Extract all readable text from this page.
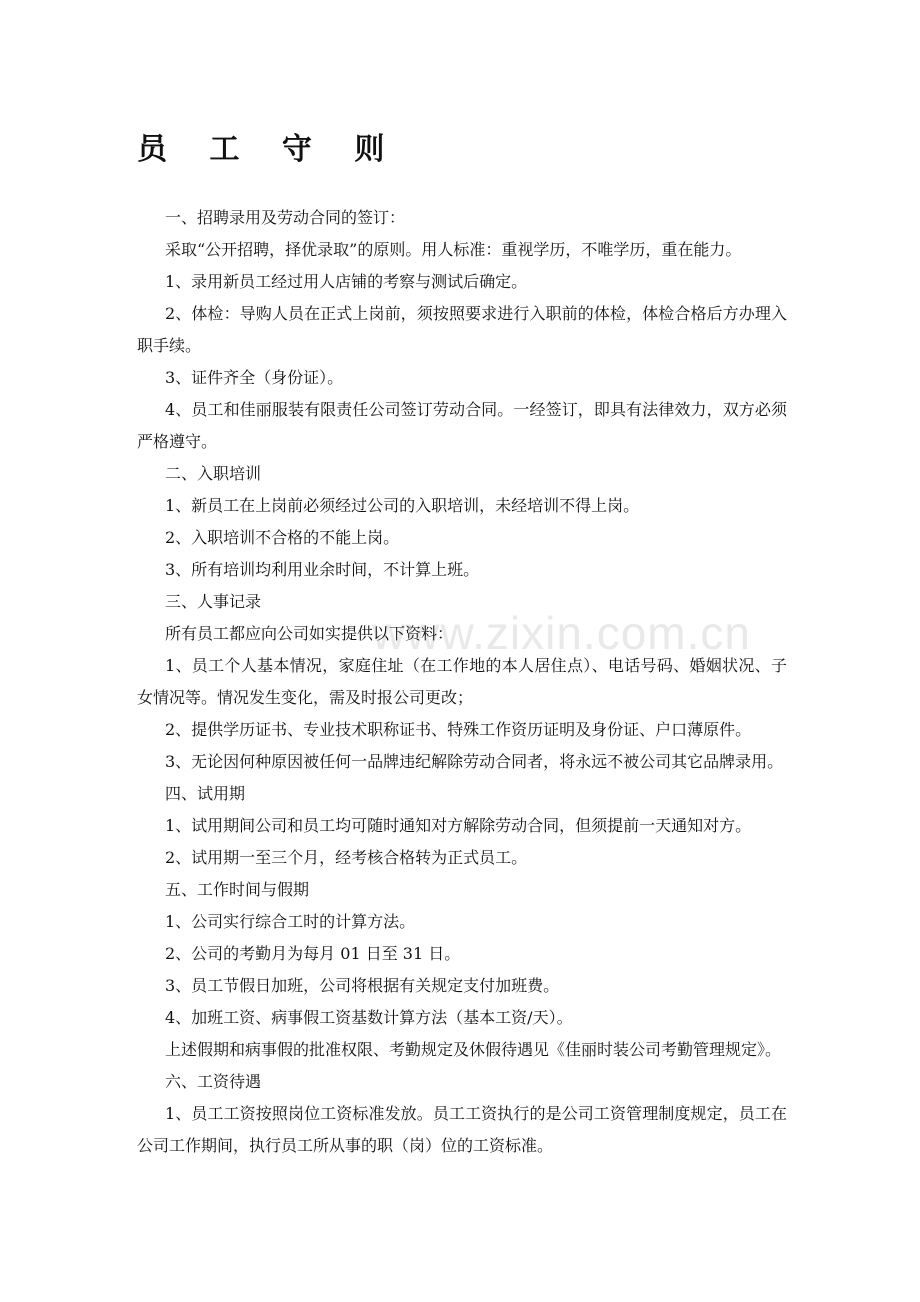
www.zixin.com.cn
员 工 守 则

一、招聘录用及劳动合同的签订：

采取“公开招聘，择优录取”的原则。用人标准：重视学历，不唯学历，重在能力。

1、录用新员工经过用人店铺的考察与测试后确定。

2、体检：导购人员在正式上岗前，须按照要求进行入职前的体检，体检合格后方办理入职手续。

3、证件齐全（身份证）。

4、员工和佳丽服装有限责任公司签订劳动合同。一经签订，即具有法律效力，双方必须严格遵守。

二、入职培训

1、新员工在上岗前必须经过公司的入职培训，未经培训不得上岗。

2、入职培训不合格的不能上岗。

3、所有培训均利用业余时间，不计算上班。

三、人事记录

所有员工都应向公司如实提供以下资料：

1、员工个人基本情况，家庭住址（在工作地的本人居住点）、电话号码、婚姻状况、子女情况等。情况发生变化，需及时报公司更改；

2、提供学历证书、专业技术职称证书、特殊工作资历证明及身份证、户口薄原件。

3、无论因何种原因被任何一品牌违纪解除劳动合同者，将永远不被公司其它品牌录用。

四、试用期

1、试用期间公司和员工均可随时通知对方解除劳动合同，但须提前一天通知对方。

2、试用期一至三个月，经考核合格转为正式员工。

五、工作时间与假期

1、公司实行综合工时的计算方法。

2、公司的考勤月为每月 01 日至 31 日。

3、员工节假日加班，公司将根据有关规定支付加班费。

4、加班工资、病事假工资基数计算方法（基本工资/天）。

上述假期和病事假的批准权限、考勤规定及休假待遇见《佳丽时装公司考勤管理规定》。

六、工资待遇

1、员工工资按照岗位工资标准发放。员工工资执行的是公司工资管理制度规定，员工在公司工作期间，执行员工所从事的职（岗）位的工资标准。
